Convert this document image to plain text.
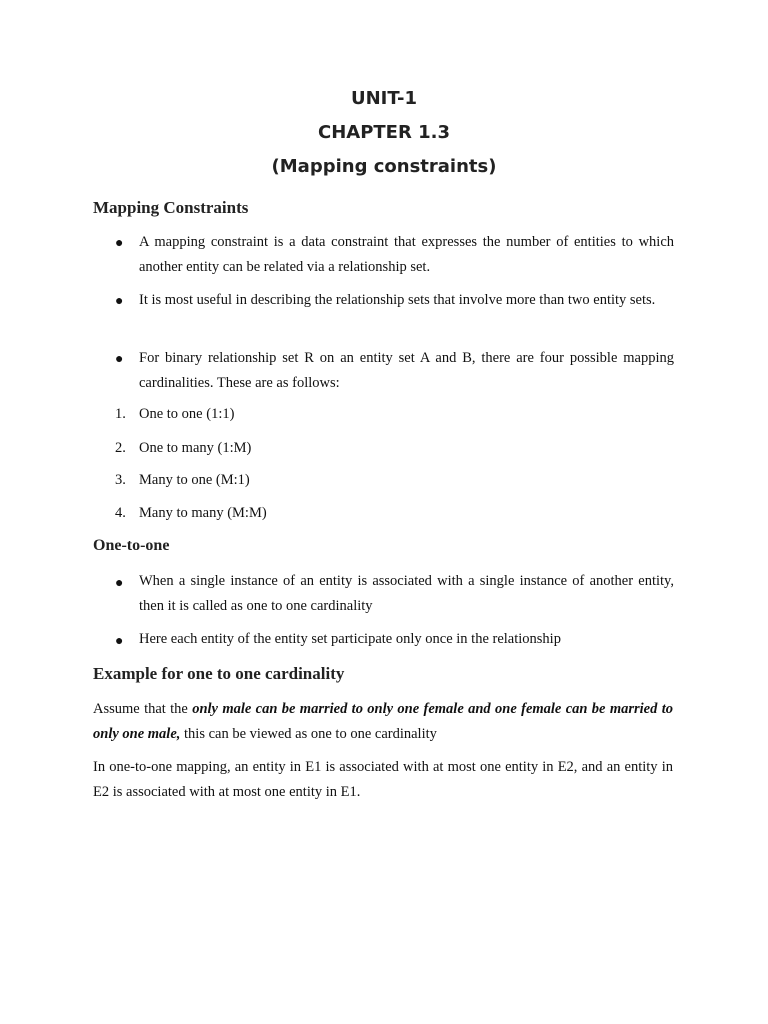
UNIT-1
CHAPTER 1.3
(Mapping constraints)
Mapping Constraints
● A mapping constraint is a data constraint that expresses the number of entities to which another entity can be related via a relationship set.
● It is most useful in describing the relationship sets that involve more than two entity sets.
● For binary relationship set R on an entity set A and B, there are four possible mapping cardinalities. These are as follows:
1. One to one (1:1)
2. One to many (1:M)
3. Many to one (M:1)
4. Many to many (M:M)
One-to-one
● When a single instance of an entity is associated with a single instance of another entity, then it is called as one to one cardinality
● Here each entity of the entity set participate only once in the relationship
Example for one to one cardinality
Assume that the only male can be married to only one female and one female can be married to only one male, this can be viewed as one to one cardinality
In one-to-one mapping, an entity in E1 is associated with at most one entity in E2, and an entity in E2 is associated with at most one entity in E1.
